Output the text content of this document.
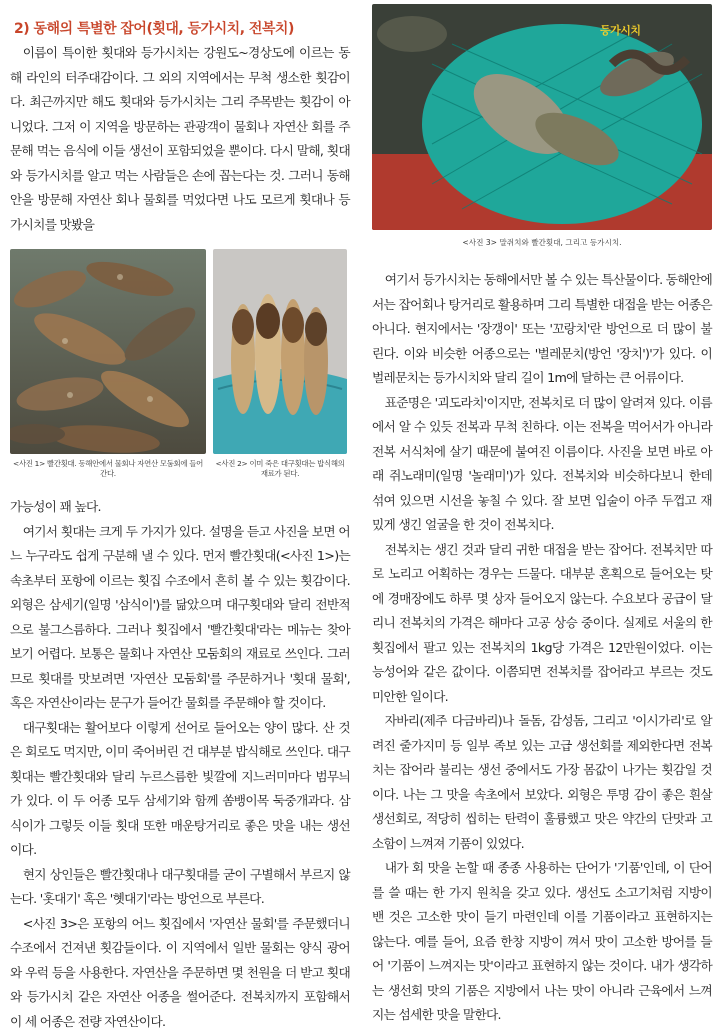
2) 동해의 특별한 잡어(횟대, 등가시치, 전복치)

이름이 특이한 횟대와 등가시치는 강원도~경상도에 이르는 동해 라인의 터주대감이다. 그 외의 지역에서는 무척 생소한 횟감이다. 최근까지만 해도 횟대와 등가시치는 그리 주목받는 횟감이 아니었다. 그저 이 지역을 방문하는 관광객이 물회나 자연산 회를 주문해 먹는 음식에 이들 생선이 포함되었을 뿐이다. 다시 말해, 횟대와 등가시치를 알고 먹는 사람들은 손에 꼽는다는 것. 그러니 동해안을 방문해 자연산 회나 물회를 먹었다면 나도 모르게 횟대나 등가시치를 맛봤을

<사진 1> 빨간횟대. 동해안에서 물회나 자연산 모둠회에 들어간다.
<사진 2> 이미 죽은 대구횟대는 밥식해의 재료가 된다.

가능성이 꽤 높다.

여기서 횟대는 크게 두 가지가 있다. 설명을 듣고 사진을 보면 어느 누구라도 쉽게 구분해 낼 수 있다. 먼저 빨간횟대(<사진 1>)는 속초부터 포항에 이르는 횟집 수조에서 흔히 볼 수 있는 횟감이다. 외형은 삼세기(일명 '삼식이')를 닮았으며 대구횟대와 달리 전반적으로 불그스름하다. 그러나 횟집에서 '빨간횟대'라는 메뉴는 찾아보기 어렵다. 보통은 물회나 자연산 모둠회의 재료로 쓰인다. 그러므로 횟대를 맛보려면 '자연산 모둠회'를 주문하거나 '횟대 물회', 혹은 자연산이라는 문구가 들어간 물회를 주문해야 할 것이다.

대구횟대는 활어보다 이렇게 선어로 들어오는 양이 많다. 산 것은 회로도 먹지만, 이미 죽어버린 건 대부분 밥식해로 쓰인다. 대구횟대는 빨간횟대와 달리 누르스름한 빛깔에 지느러미마다 범무늬가 있다. 이 두 어종 모두 삼세기와 함께 쏨뱅이목 둑중개과다. 삼식이가 그렇듯 이들 횟대 또한 매운탕거리로 좋은 맛을 내는 생선이다.

현지 상인들은 빨간횟대나 대구횟대를 굳이 구별해서 부르지 않는다. '홋대기' 혹은 '혯대기'라는 방언으로 부른다.

<사진 3>은 포항의 어느 횟집에서 '자연산 물회'를 주문했더니 수조에서 건져낸 횟감들이다. 이 지역에서 일반 물회는 양식 광어와 우럭 등을 사용한다. 자연산을 주문하면 몇 천원을 더 받고 횟대와 등가시치 같은 자연산 어종을 썰어준다. 전복치까지 포함해서 이 세 어종은 전량 자연산이다.

등가시치
<사진 3> 말쥐치와 빨간횟대, 그리고 등가시치.

여기서 등가시치는 동해에서만 볼 수 있는 특산물이다. 동해안에서는 잡어회나 탕거리로 활용하며 그리 특별한 대접을 받는 어종은 아니다. 현지에서는 '장갱이' 또는 '꼬랑치'란 방언으로 더 많이 불린다. 이와 비슷한 어종으로는 '벌레문치(방언 '장치')'가 있다. 이 벌레문치는 등가시치와 달리 길이 1m에 달하는 큰 어류이다.

표준명은 '괴도라치'이지만, 전복치로 더 많이 알려져 있다. 이름에서 알 수 있듯 전복과 무척 친하다. 이는 전복을 먹어서가 아니라 전복 서식처에 살기 때문에 붙여진 이름이다. 사진을 보면 바로 아래 쥐노래미(일명 '놀래미')가 있다. 전복치와 비슷하다보니 한데 섞여 있으면 시선을 놓칠 수 있다. 잘 보면 입술이 아주 두껍고 재밌게 생긴 얼굴을 한 것이 전복치다.

전복치는 생긴 것과 달리 귀한 대접을 받는 잡어다. 전복치만 따로 노리고 어획하는 경우는 드물다. 대부분 혼획으로 들어오는 탓에 경매장에도 하루 몇 상자 들어오지 않는다. 수요보다 공급이 달리니 전복치의 가격은 해마다 고공 상승 중이다. 실제로 서울의 한 횟집에서 팔고 있는 전복치의 1kg당 가격은 12만원이었다. 이는 능성어와 같은 값이다. 이쯤되면 전복치를 잡어라고 부르는 것도 미안한 일이다.

자바리(제주 다금바리)나 돌돔, 감성돔, 그리고 '이시가리'로 알려진 줄가지미 등 일부 족보 있는 고급 생선회를 제외한다면 전복치는 잡어라 불리는 생선 중에서도 가장 몸값이 나가는 횟감일 것이다. 나는 그 맛을 속초에서 보았다. 외형은 투명 감이 좋은 흰살생선회로, 적당히 씹히는 탄력이 훌륭했고 맛은 약간의 단맛과 고소함이 느껴져 기품이 있었다.

내가 회 맛을 논할 때 종종 사용하는 단어가 '기품'인데, 이 단어를 쓸 때는 한 가지 원칙을 갖고 있다. 생선도 소고기처럼 지방이 밴 것은 고소한 맛이 들기 마련인데 이를 기품이라고 표현하지는 않는다. 예를 들어, 요즘 한창 지방이 껴서 맛이 고소한 방어를 들어 '기품이 느껴지는 맛'이라고 표현하지 않는 것이다. 내가 생각하는 생선회 맛의 기품은 지방에서 나는 맛이 아니라 근육에서 느껴지는 섬세한 맛을 말한다.
